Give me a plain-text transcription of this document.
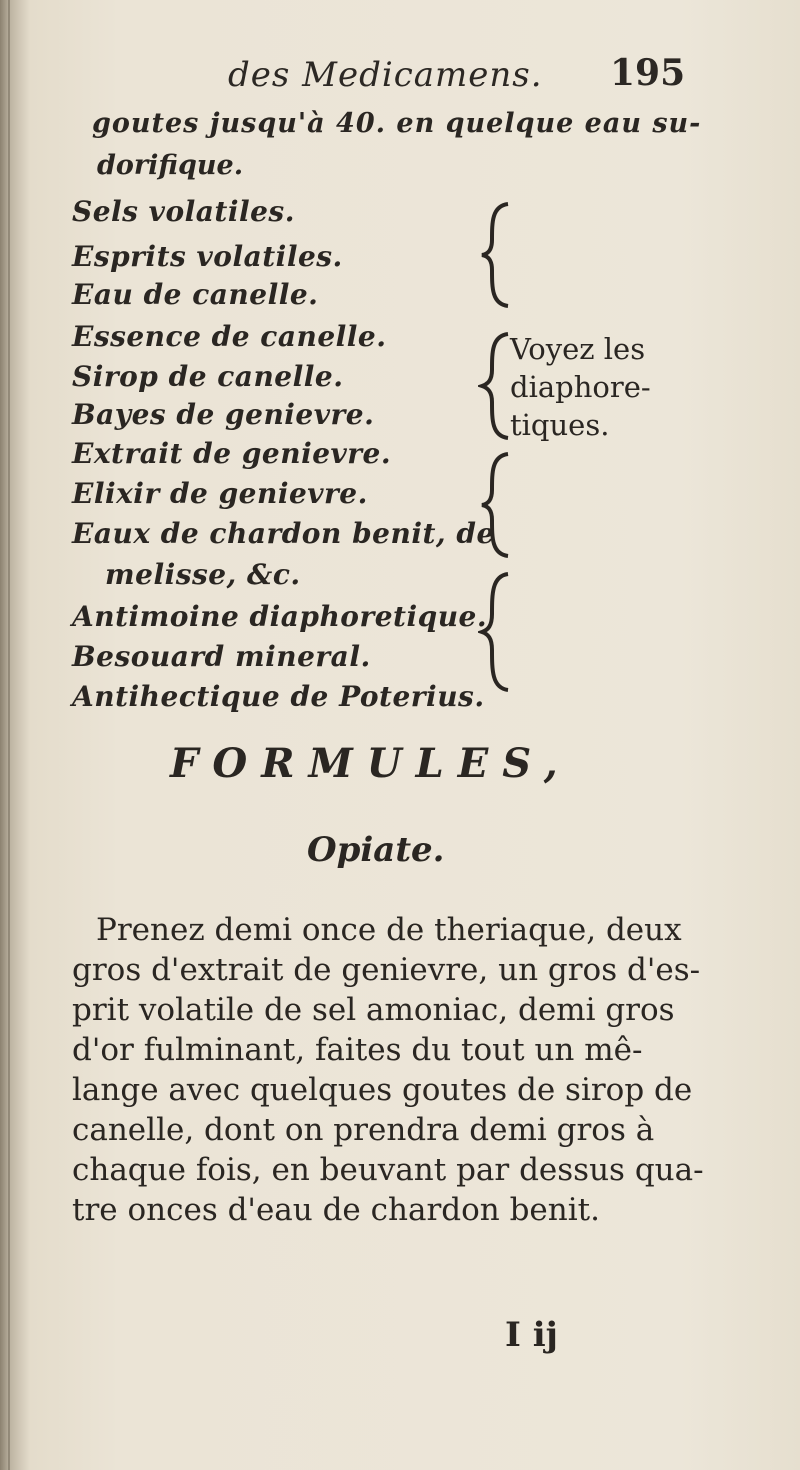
des Medicamens. 195
goutes jusqu'à 40. en quelque eau su-
dorifique.
Sels volatiles.
Esprits volatiles.
Eau de canelle.
Essence de canelle.
Sirop de canelle.
Bayes de genievre.
Extrait de genievre.
Elixir de genievre.
Eaux de chardon benit, de
melisse, &c.
Antimoine diaphoretique.
Besouard mineral.
Antihectique de Poterius.
Voyez les
diaphore-
tiques.
FORMULES,
Opiate.
Prenez demi once de theriaque, deux
gros d'extrait de genievre, un gros d'es-
prit volatile de sel amoniac, demi gros
d'or fulminant, faites du tout un mê-
lange avec quelques goutes de sirop de
canelle, dont on prendra demi gros à
chaque fois, en beuvant par dessus qua-
tre onces d'eau de chardon benit.
I ij
